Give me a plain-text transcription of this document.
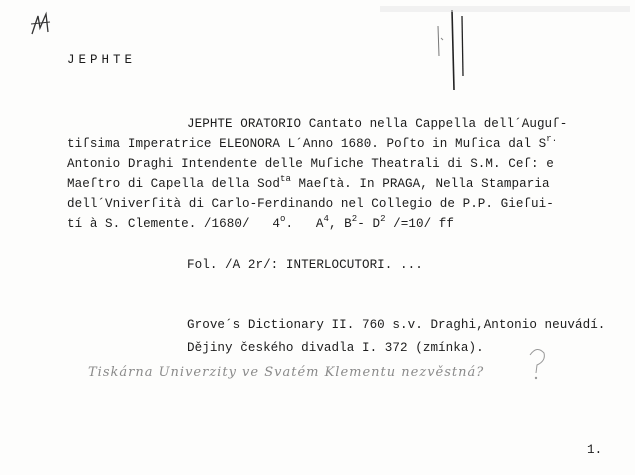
JEPHTE
JEPHTE ORATORIO Cantato nella Cappella dell´Auguſ-
tiſsima Imperatrice ELEONORA L´Anno 1680. Poſto in Muſica dal $S^{r.}$
Antonio Draghi Intendente delle Muſiche Theatrali di S.M. Ceſ: e
Maeſtro di Capella della Sod$^{ta}$ Maeſtà. In PRAGA, Nella Stamparia
dell´Vniverſità di Carlo-Ferdinando nel Collegio de P.P. Gieſui-
tí à S. Clemente. /1680/   4$^o$.   $A^4$, $B^2-$ $D^2$ /=10/ ff
Fol. /A 2r/: INTERLOCUTORI. ...
Grove´s Dictionary II. 760 s.v. Draghi,Antonio neuvádí.
Dějiny českého divadla I. 372 (zmínka).
Tiskárna Univerzity ve Svatém Klementu nezvěstná?
1.
